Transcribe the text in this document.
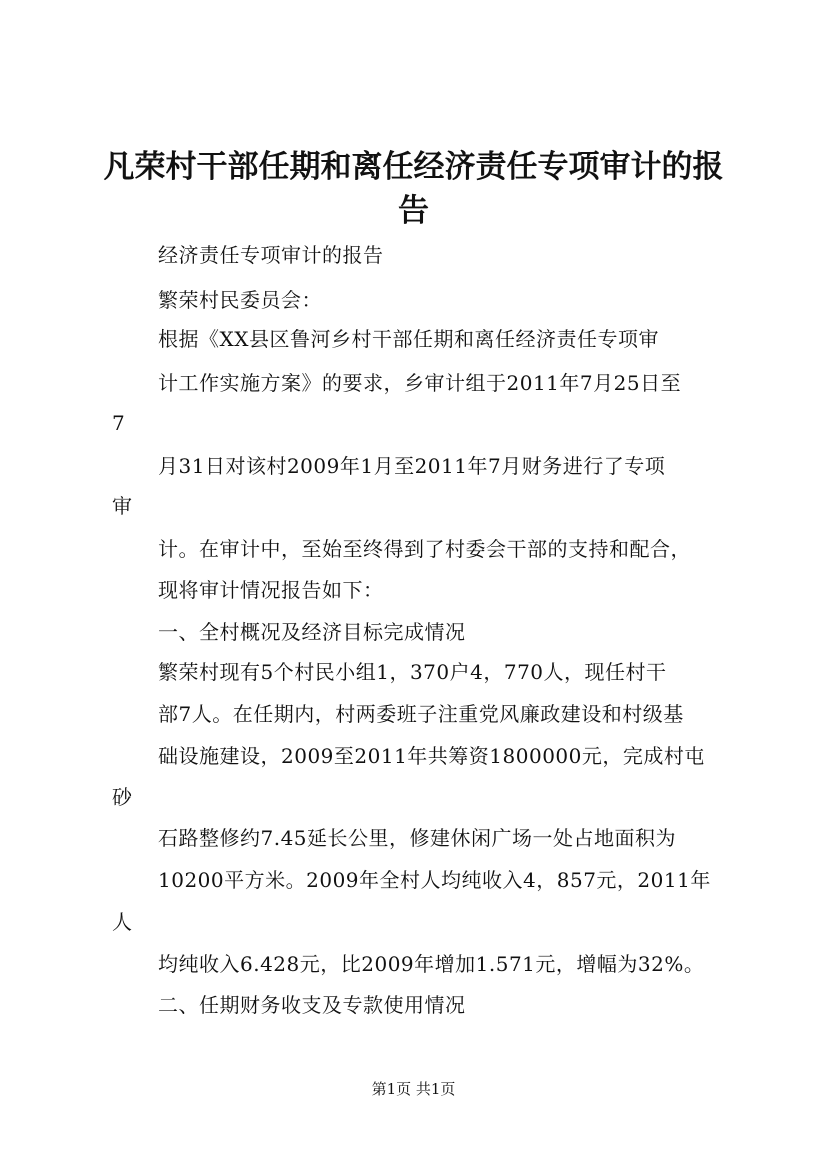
凡荣村干部任期和离任经济责任专项审计的报
告
经济责任专项审计的报告
繁荣村民委员会：
根据《XX县区鲁河乡村干部任期和离任经济责任专项审
计工作实施方案》的要求，乡审计组于2011年7月25日至
7
月31日对该村2009年1月至2011年7月财务进行了专项
审
计。在审计中，至始至终得到了村委会干部的支持和配合，
现将审计情况报告如下：
一、全村概况及经济目标完成情况
繁荣村现有5个村民小组1，370户4，770人，现任村干
部7人。在任期内，村两委班子注重党风廉政建设和村级基
础设施建设，2009至2011年共筹资1800000元，完成村屯
砂
石路整修约7.45延长公里，修建休闲广场一处占地面积为
10200平方米。2009年全村人均纯收入4，857元，2011年
人
均纯收入6.428元，比2009年增加1.571元，增幅为32%。
二、任期财务收支及专款使用情况
第1页 共1页
